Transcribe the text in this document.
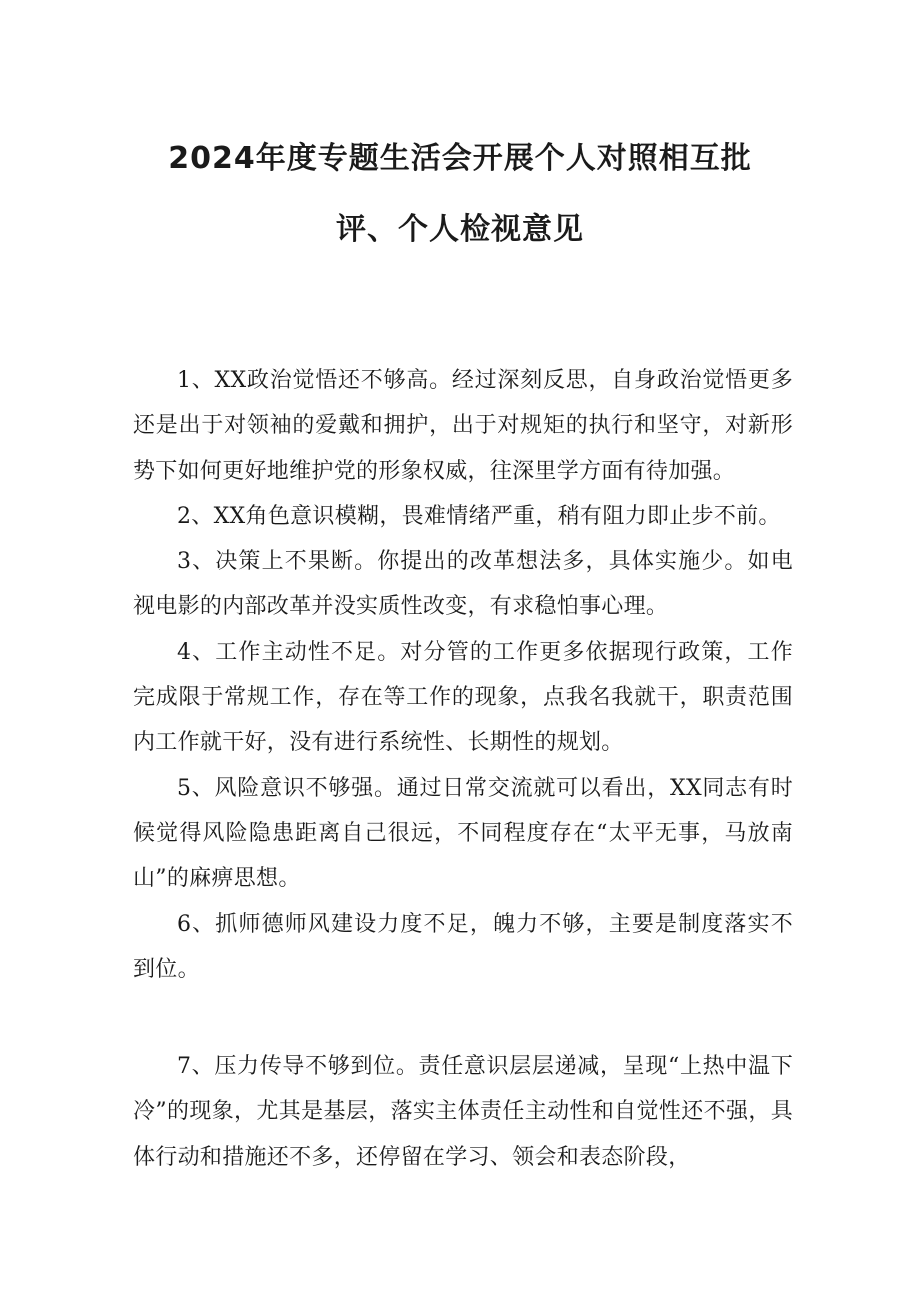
2024年度专题生活会开展个人对照相互批
评、个人检视意见

1、XX政治觉悟还不够高。经过深刻反思，自身政治觉悟更多还是出于对领袖的爱戴和拥护，出于对规矩的执行和坚守，对新形势下如何更好地维护党的形象权威，往深里学方面有待加强。

2、XX角色意识模糊，畏难情绪严重，稍有阻力即止步不前。

3、决策上不果断。你提出的改革想法多，具体实施少。如电视电影的内部改革并没实质性改变，有求稳怕事心理。

4、工作主动性不足。对分管的工作更多依据现行政策，工作完成限于常规工作，存在等工作的现象，点我名我就干，职责范围内工作就干好，没有进行系统性、长期性的规划。

5、风险意识不够强。通过日常交流就可以看出，XX同志有时候觉得风险隐患距离自己很远，不同程度存在“太平无事，马放南山”的麻痹思想。

6、抓师德师风建设力度不足，魄力不够，主要是制度落实不到位。

7、压力传导不够到位。责任意识层层递减，呈现“上热中温下冷”的现象，尤其是基层，落实主体责任主动性和自觉性还不强，具体行动和措施还不多，还停留在学习、领会和表态阶段，
